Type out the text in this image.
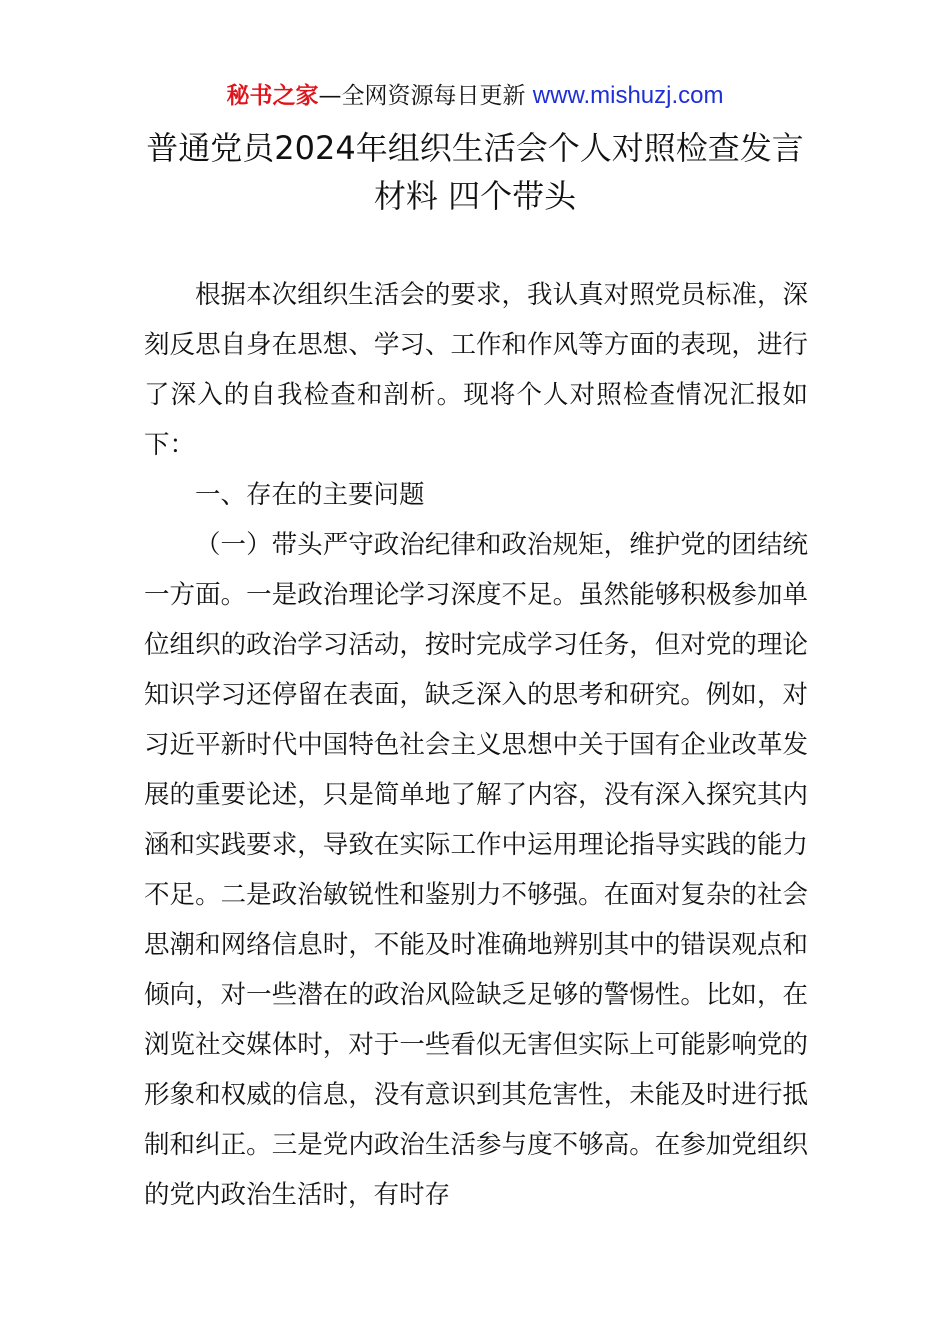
秘书之家—全网资源每日更新 www.mishuzj.com
普通党员2024年组织生活会个人对照检查发言
材料 四个带头

根据本次组织生活会的要求，我认真对照党员标准，深刻反思自身在思想、学习、工作和作风等方面的表现，进行了深入的自我检查和剖析。现将个人对照检查情况汇报如下：

一、存在的主要问题

（一）带头严守政治纪律和政治规矩，维护党的团结统一方面。一是政治理论学习深度不足。虽然能够积极参加单位组织的政治学习活动，按时完成学习任务，但对党的理论知识学习还停留在表面，缺乏深入的思考和研究。例如，对习近平新时代中国特色社会主义思想中关于国有企业改革发展的重要论述，只是简单地了解了内容，没有深入探究其内涵和实践要求，导致在实际工作中运用理论指导实践的能力不足。二是政治敏锐性和鉴别力不够强。在面对复杂的社会思潮和网络信息时，不能及时准确地辨别其中的错误观点和倾向，对一些潜在的政治风险缺乏足够的警惕性。比如，在浏览社交媒体时，对于一些看似无害但实际上可能影响党的形象和权威的信息，没有意识到其危害性，未能及时进行抵制和纠正。三是党内政治生活参与度不够高。在参加党组织的党内政治生活时，有时存
